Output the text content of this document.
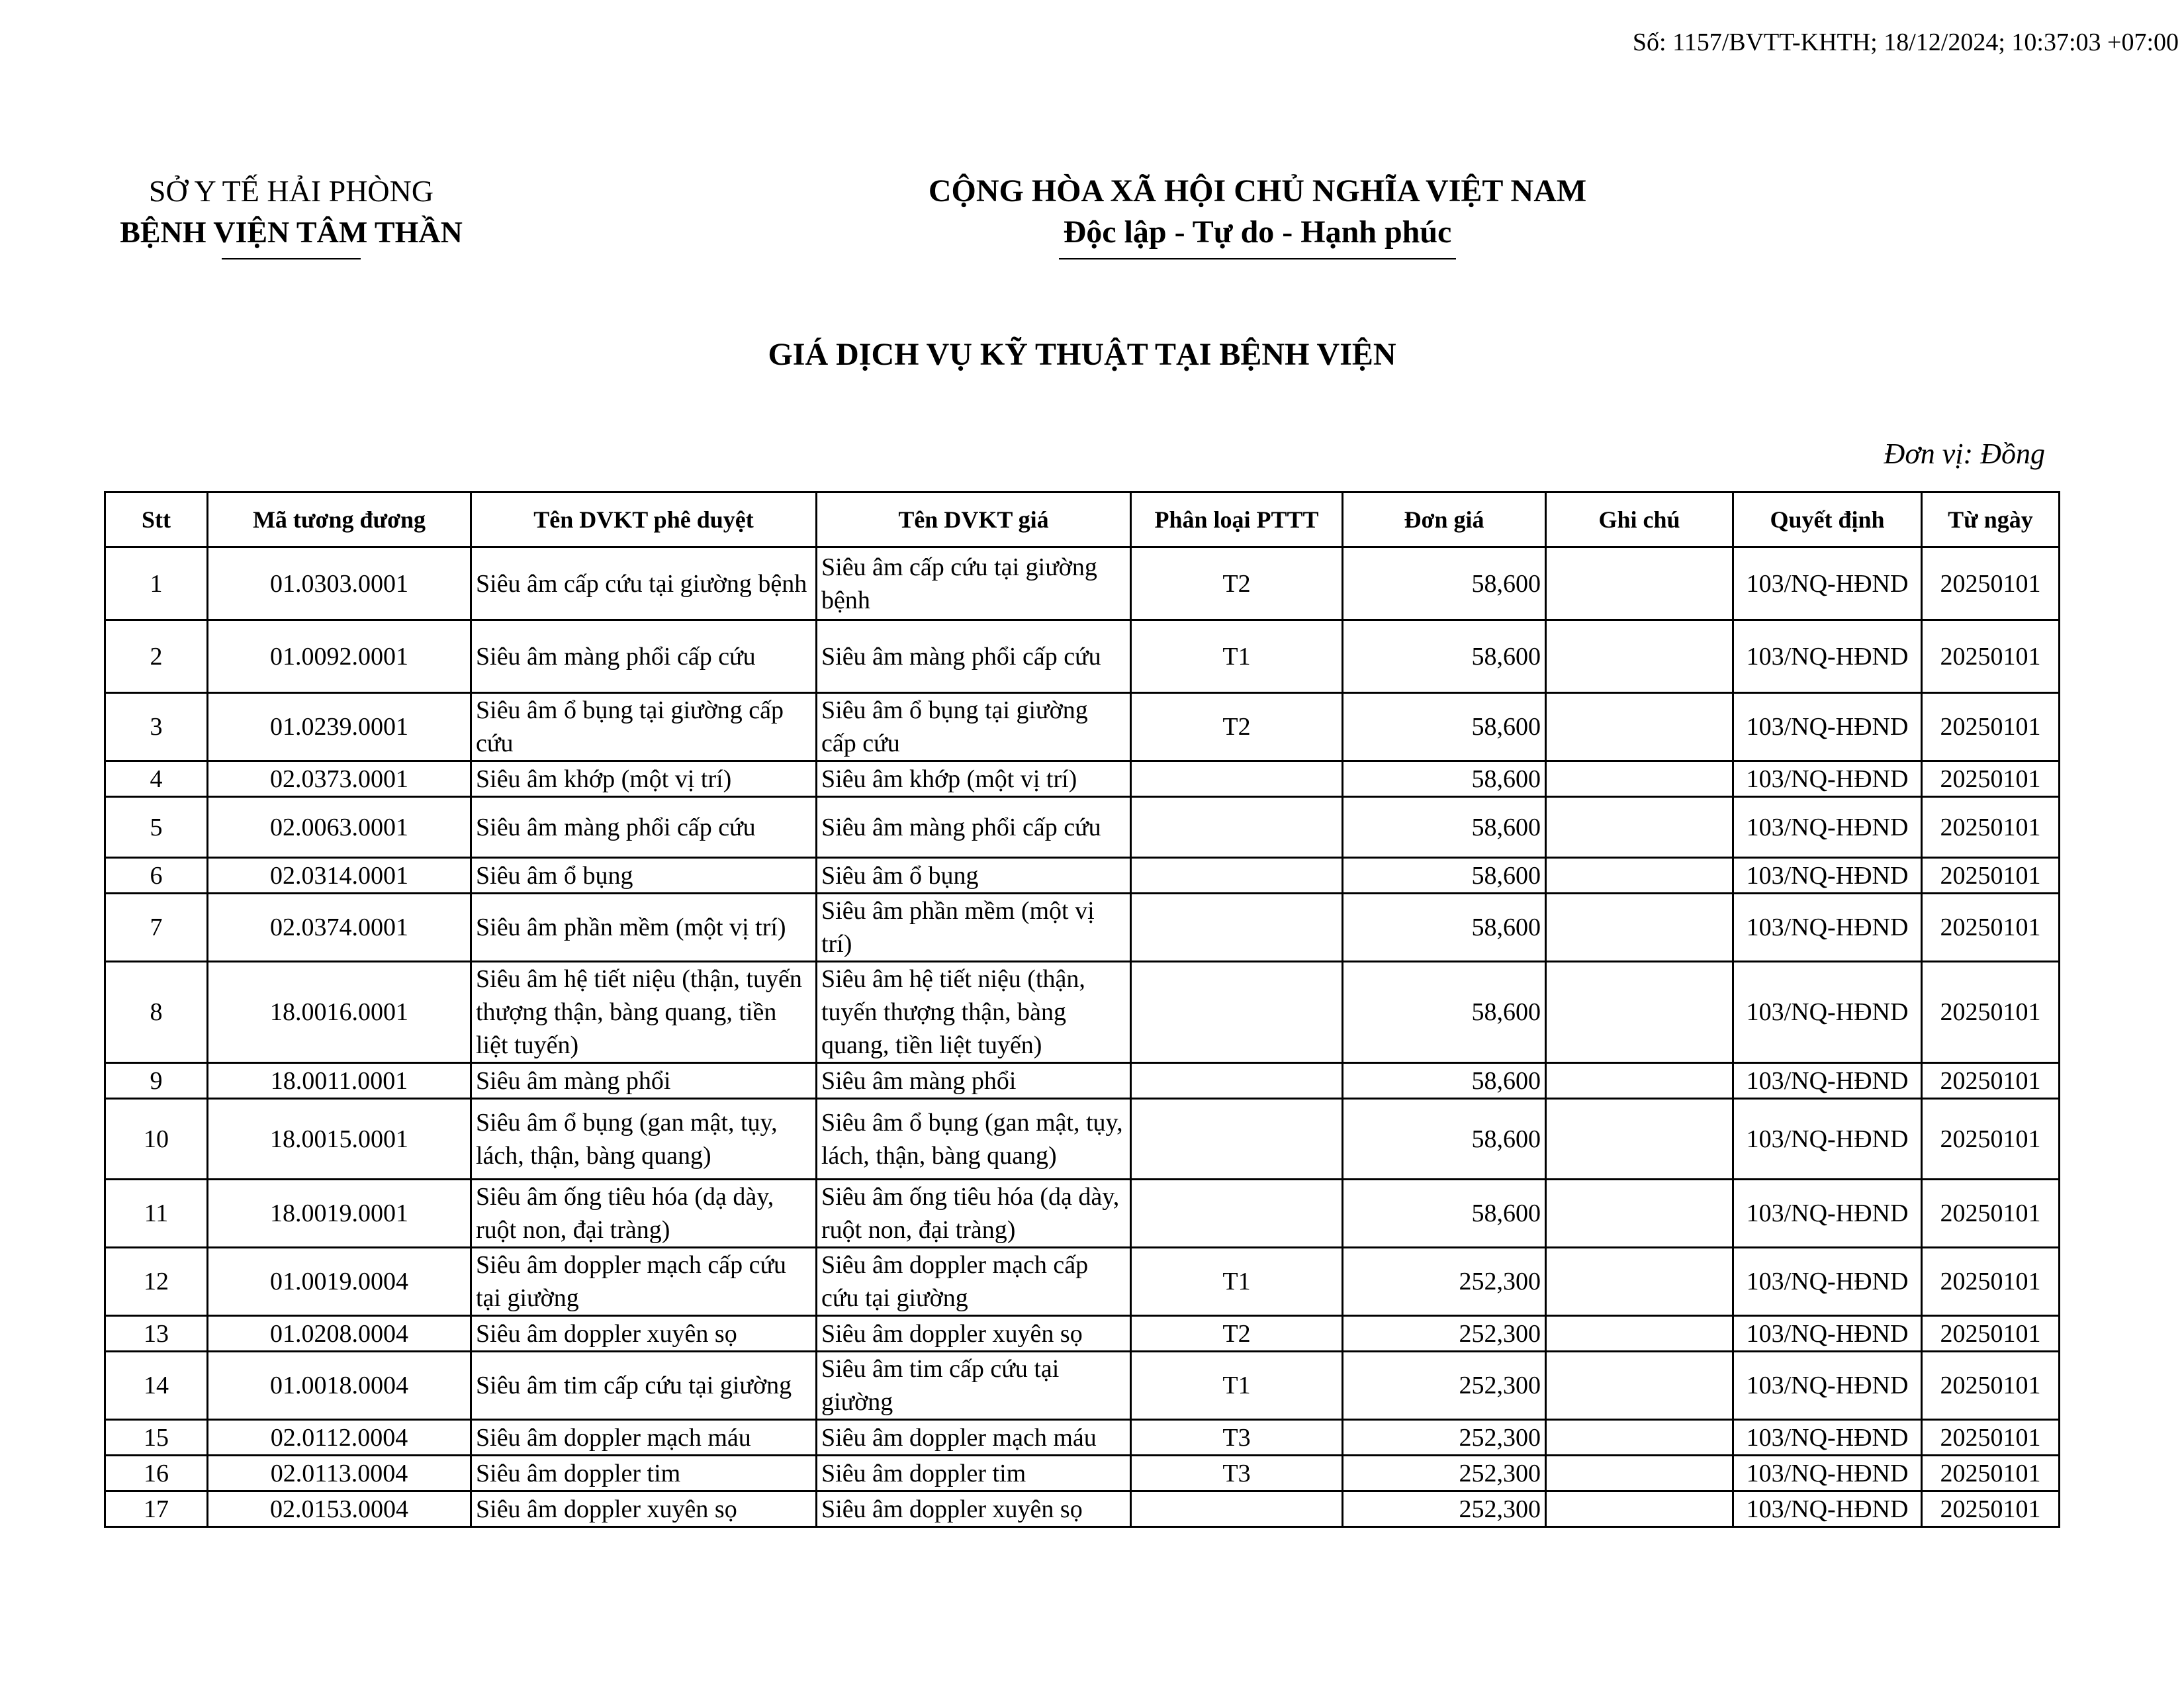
Số: 1157/BVTT-KHTH; 18/12/2024; 10:37:03 +07:00
SỞ Y TẾ HẢI PHÒNG
BỆNH VIỆN TÂM THẦN
CỘNG HÒA XÃ HỘI CHỦ NGHĨA VIỆT NAM
Độc lập - Tự do - Hạnh phúc
GIÁ DỊCH VỤ KỸ THUẬT TẠI BỆNH VIỆN
Đơn vị: Đồng
Stt	Mã tương đương	Tên DVKT phê duyệt	Tên DVKT giá	Phân loại PTTT	Đơn giá	Ghi chú	Quyết định	Từ ngày
1	01.0303.0001	Siêu âm cấp cứu tại giường bệnh	Siêu âm cấp cứu tại giường bệnh	T2	58,600		103/NQ-HĐND	20250101
2	01.0092.0001	Siêu âm màng phổi cấp cứu	Siêu âm màng phổi cấp cứu	T1	58,600		103/NQ-HĐND	20250101
3	01.0239.0001	Siêu âm ổ bụng tại giường cấp cứu	Siêu âm ổ bụng tại giường cấp cứu	T2	58,600		103/NQ-HĐND	20250101
4	02.0373.0001	Siêu âm khớp (một vị trí)	Siêu âm khớp (một vị trí)		58,600		103/NQ-HĐND	20250101
5	02.0063.0001	Siêu âm màng phổi cấp cứu	Siêu âm màng phổi cấp cứu		58,600		103/NQ-HĐND	20250101
6	02.0314.0001	Siêu âm ổ bụng	Siêu âm ổ bụng		58,600		103/NQ-HĐND	20250101
7	02.0374.0001	Siêu âm phần mềm (một vị trí)	Siêu âm phần mềm (một vị trí)		58,600		103/NQ-HĐND	20250101
8	18.0016.0001	Siêu âm hệ tiết niệu (thận, tuyến thượng thận, bàng quang, tiền liệt tuyến)	Siêu âm hệ tiết niệu (thận, tuyến thượng thận, bàng quang, tiền liệt tuyến)		58,600		103/NQ-HĐND	20250101
9	18.0011.0001	Siêu âm màng phổi	Siêu âm màng phổi		58,600		103/NQ-HĐND	20250101
10	18.0015.0001	Siêu âm ổ bụng (gan mật, tụy, lách, thận, bàng quang)	Siêu âm ổ bụng (gan mật, tụy, lách, thận, bàng quang)		58,600		103/NQ-HĐND	20250101
11	18.0019.0001	Siêu âm ống tiêu hóa (dạ dày, ruột non, đại tràng)	Siêu âm ống tiêu hóa (dạ dày, ruột non, đại tràng)		58,600		103/NQ-HĐND	20250101
12	01.0019.0004	Siêu âm doppler mạch cấp cứu tại giường	Siêu âm doppler mạch cấp cứu tại giường	T1	252,300		103/NQ-HĐND	20250101
13	01.0208.0004	Siêu âm doppler xuyên sọ	Siêu âm doppler xuyên sọ	T2	252,300		103/NQ-HĐND	20250101
14	01.0018.0004	Siêu âm tim cấp cứu tại giường	Siêu âm tim cấp cứu tại giường	T1	252,300		103/NQ-HĐND	20250101
15	02.0112.0004	Siêu âm doppler mạch máu	Siêu âm doppler mạch máu	T3	252,300		103/NQ-HĐND	20250101
16	02.0113.0004	Siêu âm doppler tim	Siêu âm doppler tim	T3	252,300		103/NQ-HĐND	20250101
17	02.0153.0004	Siêu âm doppler xuyên sọ	Siêu âm doppler xuyên sọ		252,300		103/NQ-HĐND	20250101
